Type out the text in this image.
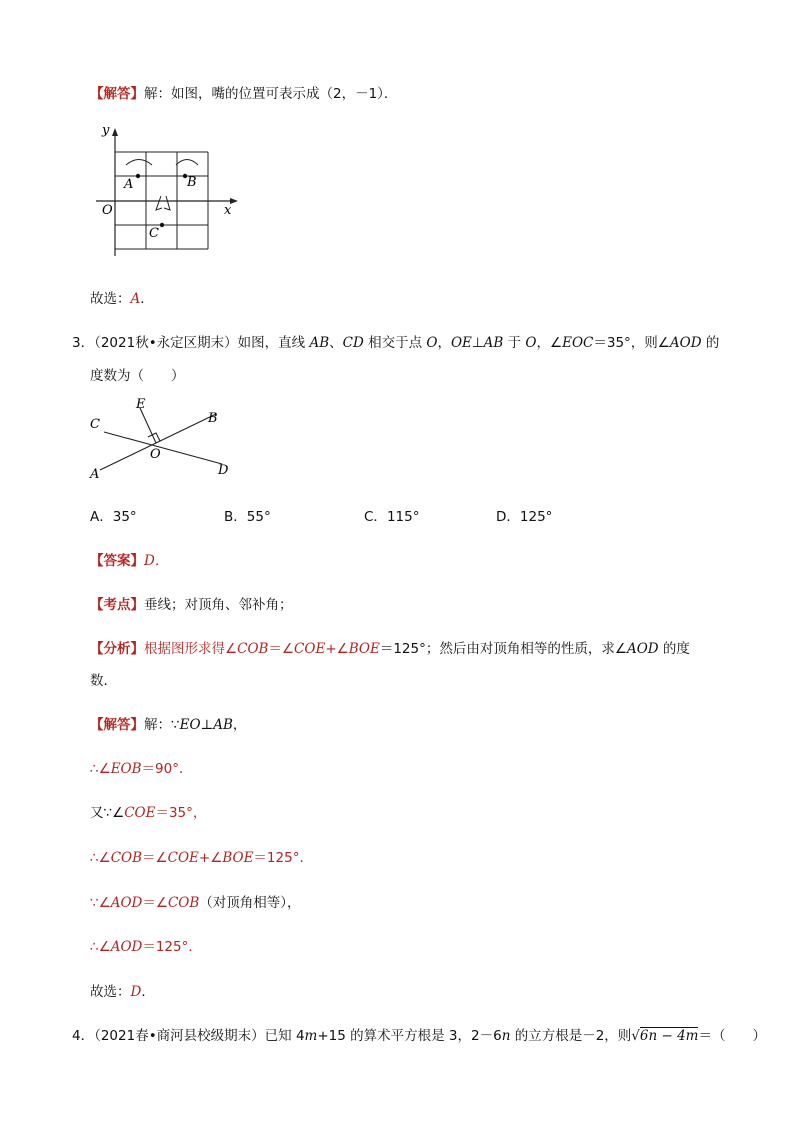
【解答】解：如图，嘴的位置可表示成（2，－1）．
y
x
O
A	B
C
故选：A．
3．（2021秋•永定区期末）如图，直线 AB、CD 相交于点 O，OE⊥AB 于 O，∠EOC＝35°，则∠AOD 的
度数为（　　）
E
B
C
O
A	D
A．35°	B．55°	C．115°	D．125°
【答案】D．
【考点】垂线；对顶角、邻补角；
【分析】根据图形求得∠COB＝∠COE+∠BOE＝125°；然后由对顶角相等的性质，求∠AOD 的度
数．
【解答】解：∵EO⊥AB，
∴∠EOB＝90°．
又∵∠COE＝35°，
∴∠COB＝∠COE+∠BOE＝125°．
∵∠AOD＝∠COB（对顶角相等），
∴∠AOD＝125°．
故选：D．
4．（2021春•商河县校级期末）已知 4m+15 的算术平方根是 3，2－6n 的立方根是－2，则√6n − 4m＝（　　）
